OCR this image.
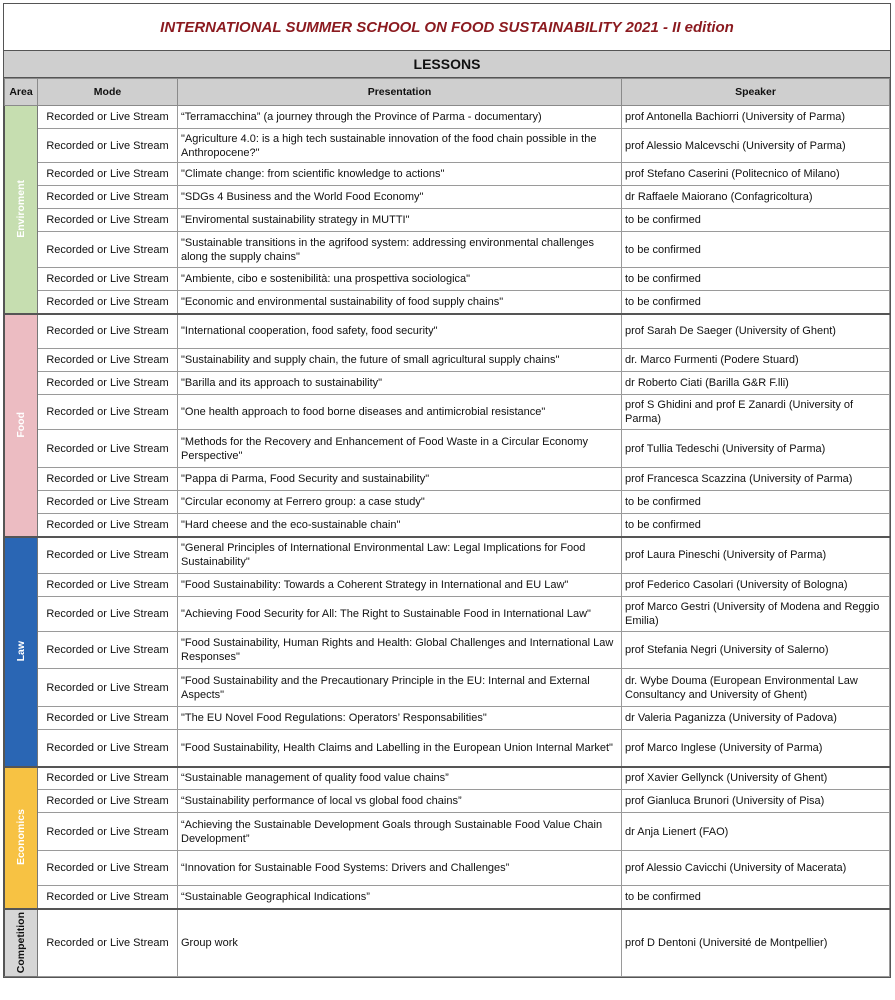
INTERNATIONAL SUMMER SCHOOL ON FOOD SUSTAINABILITY 2021 - II edition
LESSONS
Area	Mode	Presentation	Speaker

Enviroment	Recorded or Live Stream	“Terramacchina” (a journey through the Province of Parma - documentary)	prof Antonella Bachiorri (University of Parma)
	Recorded or Live Stream	"Agriculture 4.0: is a high tech sustainable innovation of the food chain possible in the Anthropocene?"	prof Alessio Malcevschi (University of Parma)
	Recorded or Live Stream	"Climate change: from scientific knowledge to actions"	prof Stefano Caserini (Politecnico of Milano)
	Recorded or Live Stream	"SDGs 4 Business and the World Food Economy"	dr Raffaele Maiorano (Confagricoltura)
	Recorded or Live Stream	"Enviromental sustainability strategy in MUTTI"	to be confirmed
	Recorded or Live Stream	"Sustainable transitions in the agrifood system: addressing environmental challenges along the supply chains"	to be confirmed
	Recorded or Live Stream	"Ambiente, cibo e sostenibilità: una prospettiva sociologica"	to be confirmed
	Recorded or Live Stream	"Economic and environmental sustainability of food supply chains"	to be confirmed

Food	Recorded or Live Stream	"International cooperation, food safety, food security"	prof Sarah De Saeger (University of Ghent)
	Recorded or Live Stream	"Sustainability and supply chain, the future of small agricultural supply chains"	dr. Marco Furmenti (Podere Stuard)
	Recorded or Live Stream	"Barilla and its approach to sustainability"	dr Roberto Ciati (Barilla G&R F.lli)
	Recorded or Live Stream	"One health approach to food borne diseases and antimicrobial resistance"	prof S Ghidini and prof E Zanardi (University of Parma)
	Recorded or Live Stream	"Methods for the Recovery and Enhancement of Food Waste in a Circular Economy Perspective"	prof Tullia Tedeschi (University of Parma)
	Recorded or Live Stream	"Pappa di Parma, Food Security and sustainability"	prof Francesca Scazzina (University of Parma)
	Recorded or Live Stream	"Circular economy at Ferrero group: a case study"	to be confirmed
	Recorded or Live Stream	"Hard cheese and the eco-sustainable chain"	to be confirmed

Law	Recorded or Live Stream	"General Principles of International Environmental Law: Legal Implications for Food Sustainability"	prof Laura Pineschi (University of Parma)
	Recorded or Live Stream	"Food Sustainability: Towards a Coherent Strategy in International and EU Law"	prof Federico Casolari (University of Bologna)
	Recorded or Live Stream	"Achieving Food Security for All: The Right to Sustainable Food in International Law"	prof Marco Gestri (University of Modena and Reggio Emilia)
	Recorded or Live Stream	"Food Sustainability, Human Rights and Health: Global Challenges and International Law Responses"	prof Stefania Negri (University of Salerno)
	Recorded or Live Stream	"Food Sustainability and the Precautionary Principle in the EU: Internal and External Aspects"	dr. Wybe Douma (European Environmental Law Consultancy and University of Ghent)
	Recorded or Live Stream	"The EU Novel Food Regulations: Operators’ Responsabilities"	dr Valeria Paganizza (University of Padova)
	Recorded or Live Stream	"Food Sustainability, Health Claims and Labelling in the European Union Internal Market"	prof Marco Inglese (University of Parma)

Economics	Recorded or Live Stream	“Sustainable management of quality food value chains”	prof Xavier Gellynck (University of Ghent)
	Recorded or Live Stream	“Sustainability performance of local vs global food chains”	prof Gianluca Brunori (University of Pisa)
	Recorded or Live Stream	“Achieving the Sustainable Development Goals through Sustainable Food Value Chain Development”	dr Anja Lienert (FAO)
	Recorded or Live Stream	“Innovation for Sustainable Food Systems: Drivers and Challenges”	prof Alessio Cavicchi (University of Macerata)
	Recorded or Live Stream	“Sustainable Geographical Indications”	to be confirmed

Competition	Recorded or Live Stream	Group work	prof D Dentoni (Université de Montpellier)
